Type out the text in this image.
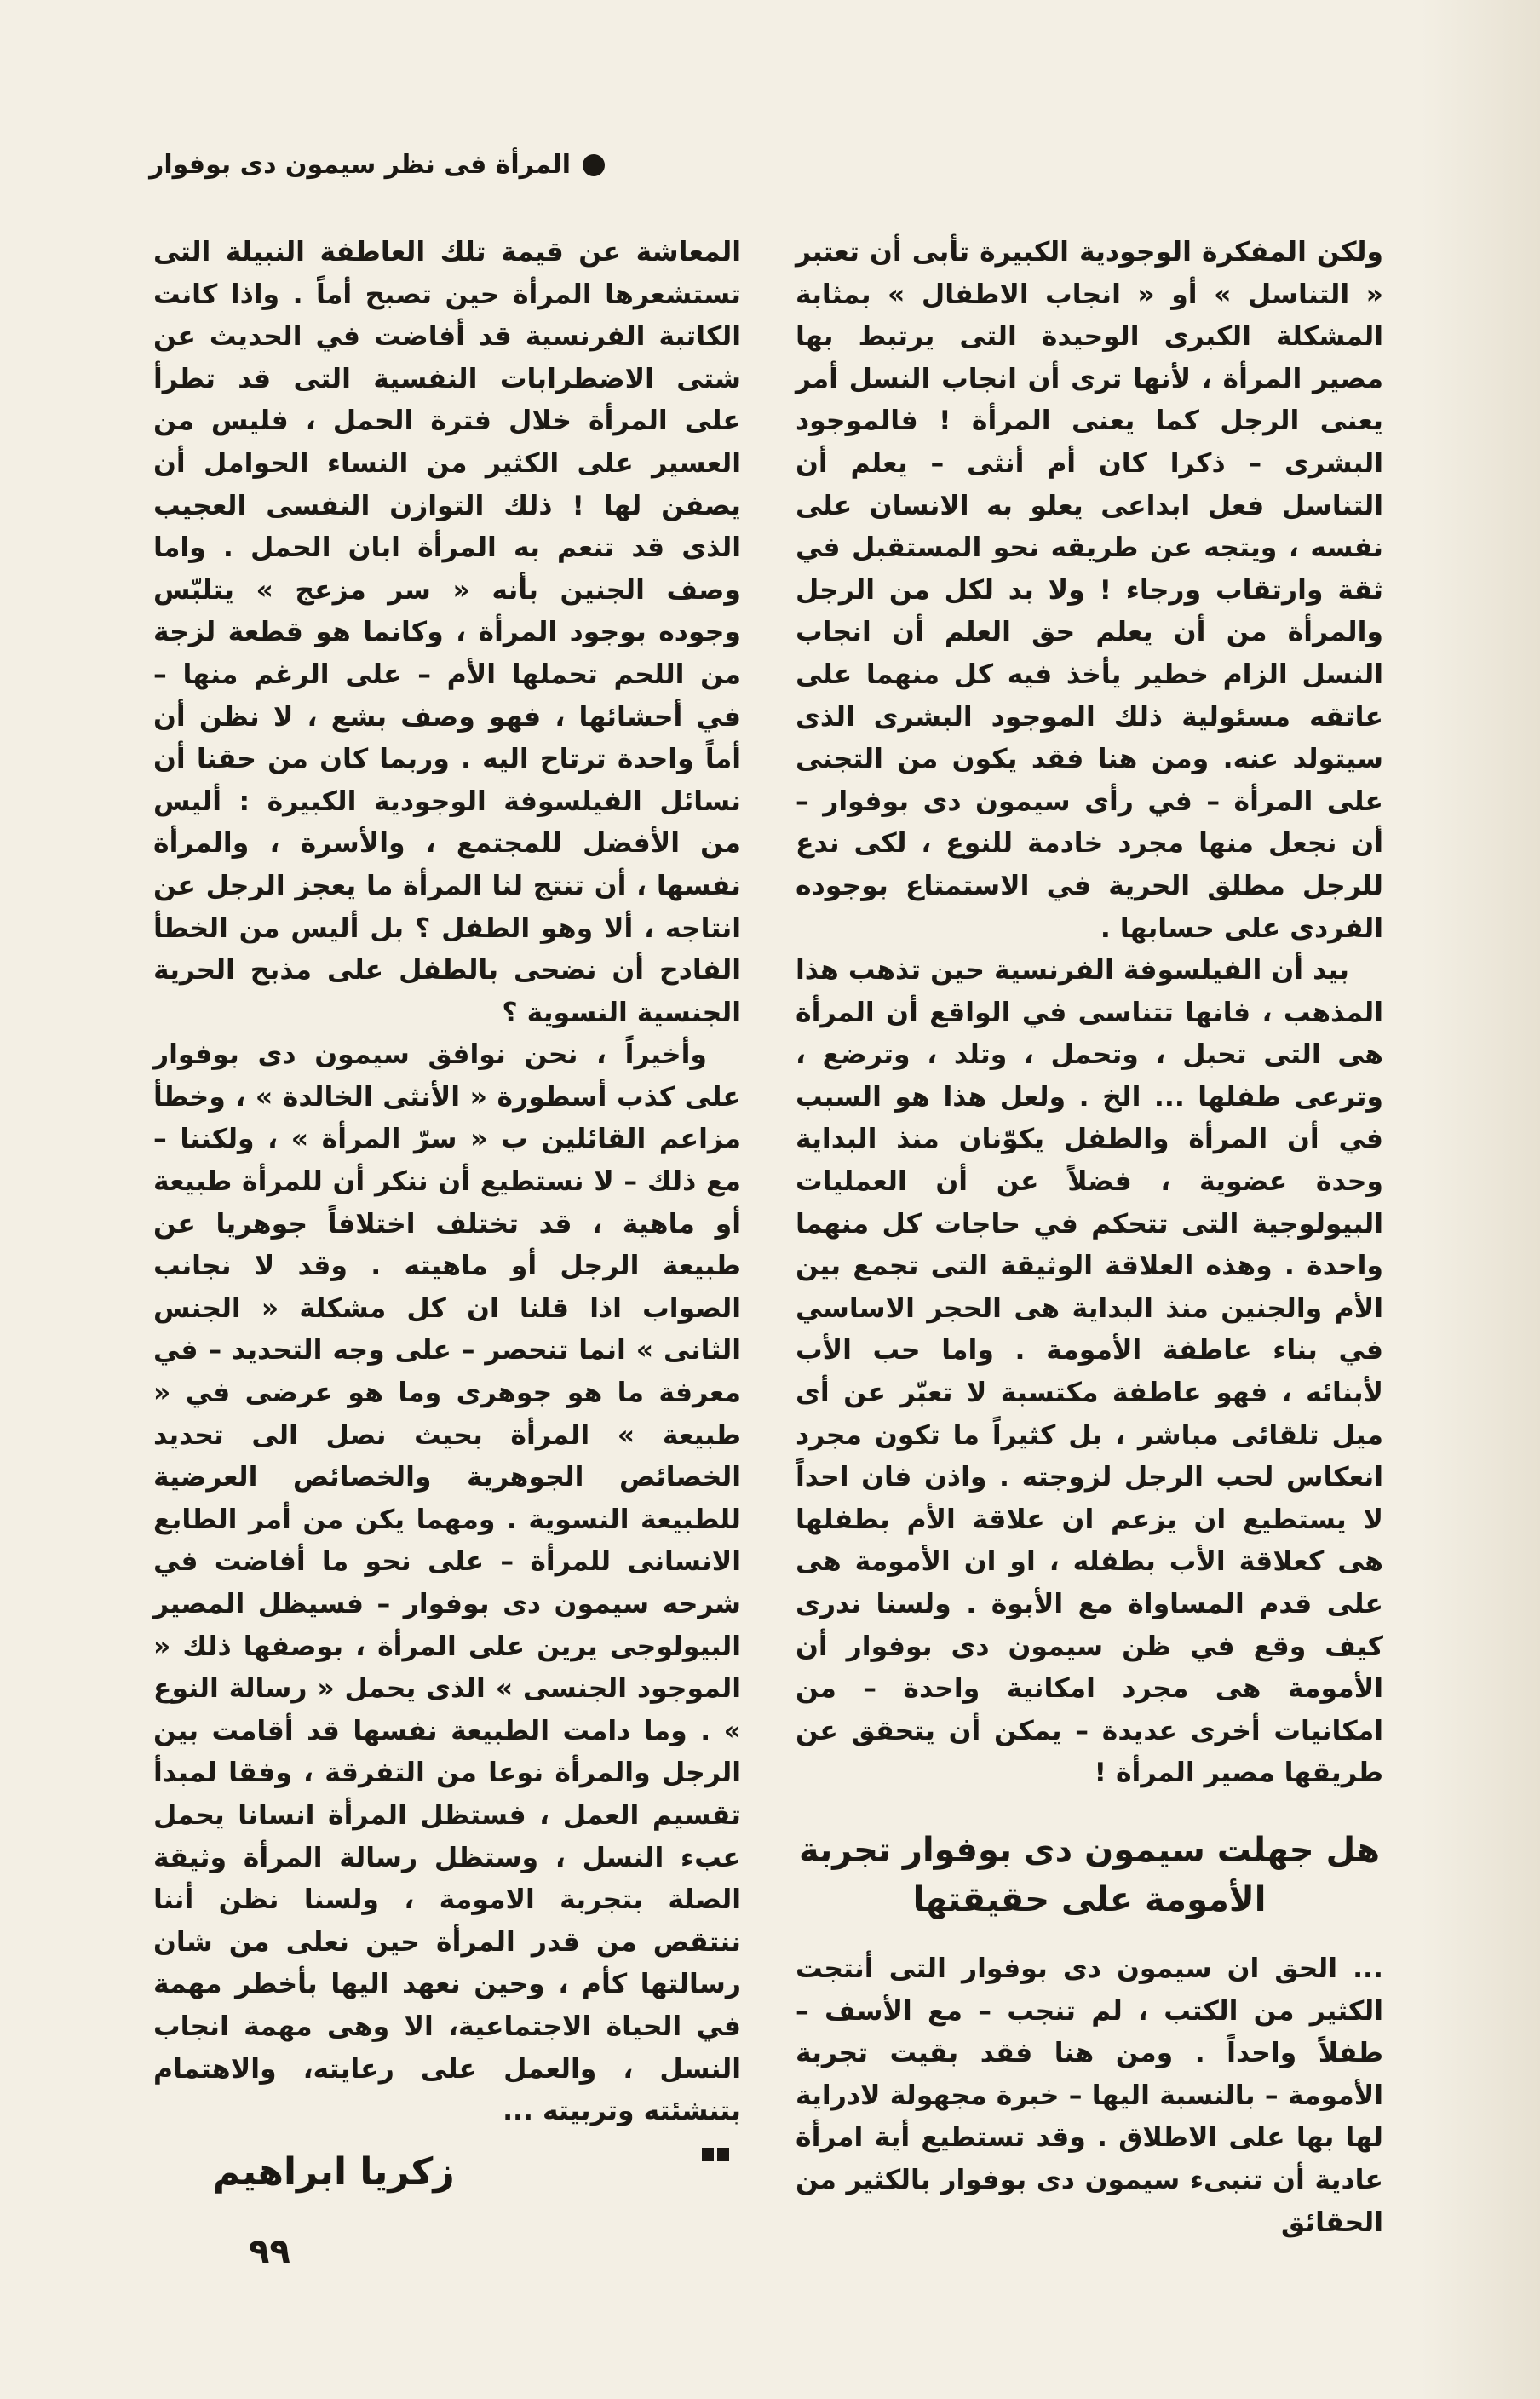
المرأة فى نظر سيمون دى بوفوار

ولكن المفكرة الوجودية الكبيرة تأبى أن تعتبر « التناسل » أو « انجاب الاطفال » بمثابة المشكلة الكبرى الوحيدة التى يرتبط بها مصير المرأة ، لأنها ترى أن انجاب النسل أمر يعنى الرجل كما يعنى المرأة ! فالموجود البشرى – ذكرا كان أم أنثى – يعلم أن التناسل فعل ابداعى يعلو به الانسان على نفسه ، ويتجه عن طريقه نحو المستقبل في ثقة وارتقاب ورجاء ! ولا بد لكل من الرجل والمرأة من أن يعلم حق العلم أن انجاب النسل الزام خطير يأخذ فيه كل منهما على عاتقه مسئولية ذلك الموجود البشرى الذى سيتولد عنه. ومن هنا فقد يكون من التجنى على المرأة – في رأى سيمون دى بوفوار – أن نجعل منها مجرد خادمة للنوع ، لكى ندع للرجل مطلق الحرية في الاستمتاع بوجوده الفردى على حسابها .

بيد أن الفيلسوفة الفرنسية حين تذهب هذا المذهب ، فانها تتناسى في الواقع أن المرأة هى التى تحبل ، وتحمل ، وتلد ، وترضع ، وترعى طفلها ... الخ . ولعل هذا هو السبب في أن المرأة والطفل يكوّنان منذ البداية وحدة عضوية ، فضلاً عن أن العمليات البيولوجية التى تتحكم في حاجات كل منهما واحدة . وهذه العلاقة الوثيقة التى تجمع بين الأم والجنين منذ البداية هى الحجر الاساسي في بناء عاطفة الأمومة . واما حب الأب لأبنائه ، فهو عاطفة مكتسبة لا تعبّر عن أى ميل تلقائى مباشر ، بل كثيراً ما تكون مجرد انعكاس لحب الرجل لزوجته . واذن فان احداً لا يستطيع ان يزعم ان علاقة الأم بطفلها هى كعلاقة الأب بطفله ، او ان الأمومة هى على قدم المساواة مع الأبوة . ولسنا ندرى كيف وقع في ظن سيمون دى بوفوار أن الأمومة هى مجرد امكانية واحدة – من امكانيات أخرى عديدة – يمكن أن يتحقق عن طريقها مصير المرأة !

هل جهلت سيمون دى بوفوار تجربة الأمومة على حقيقتها

... الحق ان سيمون دى بوفوار التى أنتجت الكثير من الكتب ، لم تنجب – مع الأسف – طفلاً واحداً . ومن هنا فقد بقيت تجربة الأمومة – بالنسبة اليها – خبرة مجهولة لادراية لها بها على الاطلاق . وقد تستطيع أية امرأة عادية أن تنبىء سيمون دى بوفوار بالكثير من الحقائق

المعاشة عن قيمة تلك العاطفة النبيلة التى تستشعرها المرأة حين تصبح أماً . واذا كانت الكاتبة الفرنسية قد أفاضت في الحديث عن شتى الاضطرابات النفسية التى قد تطرأ على المرأة خلال فترة الحمل ، فليس من العسير على الكثير من النساء الحوامل أن يصفن لها ! ذلك التوازن النفسى العجيب الذى قد تنعم به المرأة ابان الحمل . واما وصف الجنين بأنه « سر مزعج » يتلبّس وجوده بوجود المرأة ، وكانما هو قطعة لزجة من اللحم تحملها الأم – على الرغم منها – في أحشائها ، فهو وصف بشع ، لا نظن أن أماً واحدة ترتاح اليه . وربما كان من حقنا أن نسائل الفيلسوفة الوجودية الكبيرة : أليس من الأفضل للمجتمع ، والأسرة ، والمرأة نفسها ، أن تنتج لنا المرأة ما يعجز الرجل عن انتاجه ، ألا وهو الطفل ؟ بل أليس من الخطأ الفادح أن نضحى بالطفل على مذبح الحرية الجنسية النسوية ؟

وأخيراً ، نحن نوافق سيمون دى بوفوار على كذب أسطورة « الأنثى الخالدة » ، وخطأ مزاعم القائلين ب « سرّ المرأة » ، ولكننا – مع ذلك – لا نستطيع أن ننكر أن للمرأة طبيعة أو ماهية ، قد تختلف اختلافاً جوهريا عن طبيعة الرجل أو ماهيته . وقد لا نجانب الصواب اذا قلنا ان كل مشكلة « الجنس الثانى » انما تنحصر – على وجه التحديد – في معرفة ما هو جوهرى وما هو عرضى في « طبيعة » المرأة بحيث نصل الى تحديد الخصائص الجوهرية والخصائص العرضية للطبيعة النسوية . ومهما يكن من أمر الطابع الانسانى للمرأة – على نحو ما أفاضت في شرحه سيمون دى بوفوار – فسيظل المصير البيولوجى يرين على المرأة ، بوصفها ذلك « الموجود الجنسى » الذى يحمل « رسالة النوع » . وما دامت الطبيعة نفسها قد أقامت بين الرجل والمرأة نوعا من التفرقة ، وفقا لمبدأ تقسيم العمل ، فستظل المرأة انسانا يحمل عبء النسل ، وستظل رسالة المرأة وثيقة الصلة بتجربة الامومة ، ولسنا نظن أننا ننتقص من قدر المرأة حين نعلى من شان رسالتها كأم ، وحين نعهد اليها بأخطر مهمة في الحياة الاجتماعية، الا وهى مهمة انجاب النسل ، والعمل على رعايته، والاهتمام بتنشئته وتربيته ...

زكريا ابراهيم
٩٩
